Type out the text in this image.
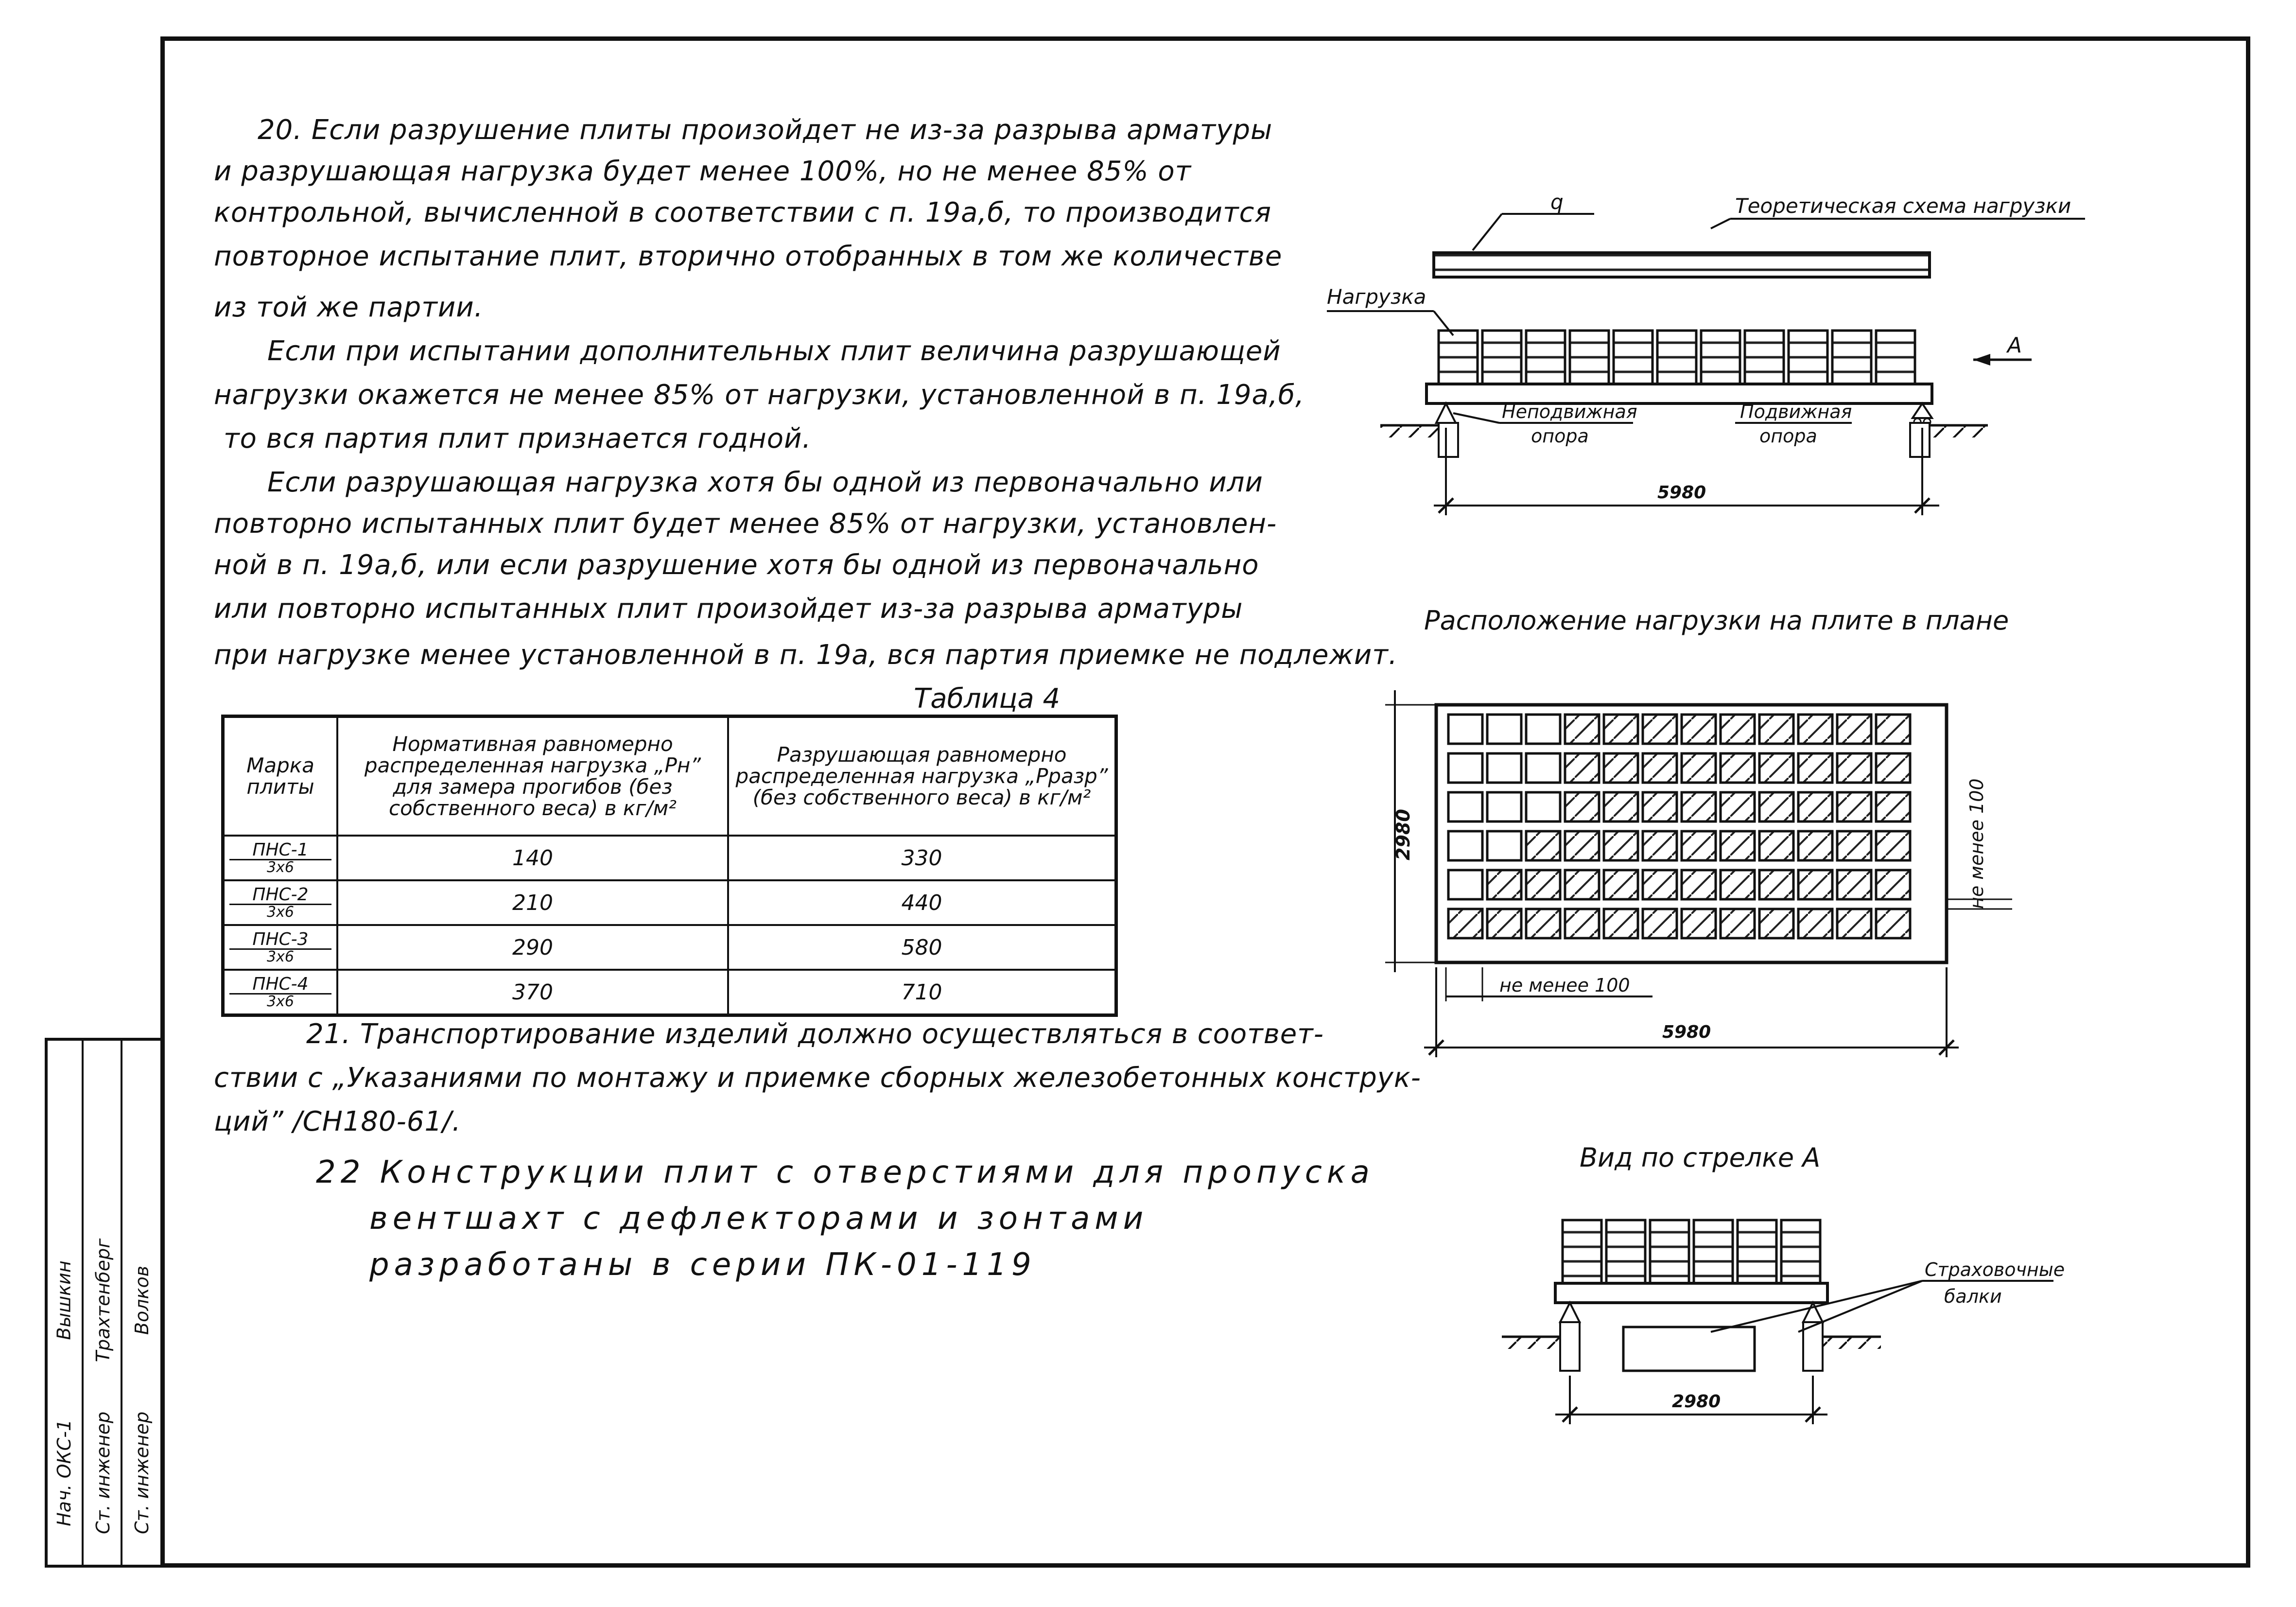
20. Если разрушение плиты произойдет не из-за разрыва арматуры
и разрушающая нагрузка будет менее 100%, но не менее 85% от
контрольной, вычисленной в соответствии с п. 19а,б, то производится
повторное испытание плит, вторично отобранных в том же количестве
из той же партии.
Если при испытании дополнительных плит величина разрушающей
нагрузки окажется не менее 85% от нагрузки, установленной в п. 19а,б,
то вся партия плит признается годной.
Если разрушающая нагрузка хотя бы одной из первоначально или
повторно испытанных плит будет менее 85% от нагрузки, установлен-
ной в п. 19а,б, или если разрушение хотя бы одной из первоначально
или повторно испытанных плит произойдет из-за разрыва арматуры
при нагрузке менее установленной в п. 19а, вся партия приемке не подлежит.
Таблица 4
Марка плиты	Нормативная равномерно распределенная нагрузка „Рн” для замера прогибов (без собственного веса) в кг/м²	Разрушающая равномерно распределенная нагрузка „Рразр” (без собственного веса) в кг/м²

ПНС-1
3x6	140	330

ПНС-2
3x6	210	440

ПНС-3
3x6	290	580

ПНС-4
3x6	370	710
21. Транспортирование изделий должно осуществляться в соответ-
ствии с „Указаниями по монтажу и приемке сборных железобетонных конструк-
ций” /СН180-61/.
22 Конструкции плит с отверстиями для пропуска
вентшахт с дефлекторами и зонтами
разработаны в серии ПК-01-119
Нач. ОКС-1
Вышкин
Ст. инженер
Трахтенберг
Ст. инженер
Волков
q	Теоретическая схема нагрузки
Нагрузка
А
Неподвижная
опора
Подвижная
опора
5980
Расположение нагрузки на плите в плане
2980	не менее 100
не менее 100
5980
Вид по стрелке А
Страховочные
балки
2980
